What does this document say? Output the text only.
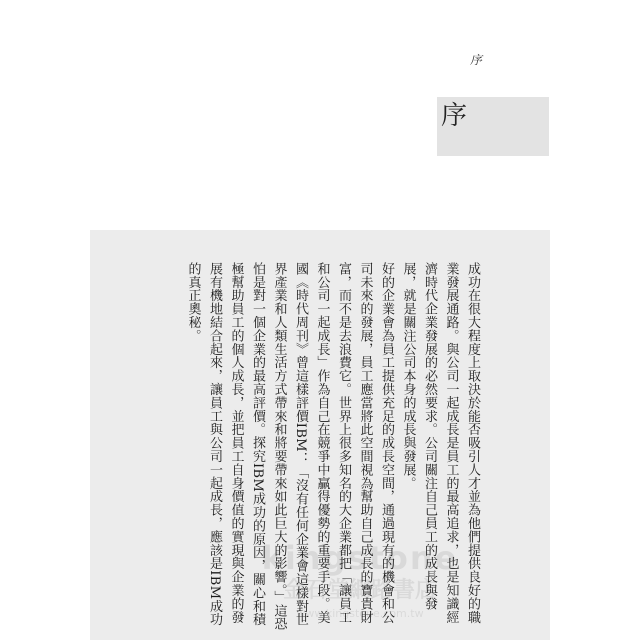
序
序

成功在很大程度上取決於能否吸引人才並為他們提供良好的職業發展通路。與公司一起成長是員工的最高追求，也是知識經濟時代企業發展的必然要求。公司關注自己員工的成長與發展，就是關注公司本身的成長與發展。

好的企業會為員工提供充足的成長空間，通過現有的機會和公司未來的發展，員工應當將此空間視為幫助自己成長的寶貴財富，而不是去浪費它。世界上很多知名的大企業都把「讓員工和公司一起成長」作為自己在競爭中贏得優勢的重要手段。美國《時代周刊》曾這樣評價IBM：「沒有任何企業會這樣對世界產業和人類生活方式帶來和將要帶來如此巨大的影響。」這恐怕是對一個企業的最高評價。探究IBM成功的原因，關心和積極幫助員工的個人成長，並把員工自身價值的實現與企業的發展有機地結合起來，讓員工與公司一起成長，應該是IBM成功的真正奧秘。

kingstone
金石堂網路書店
www.kingstone.com.tw
